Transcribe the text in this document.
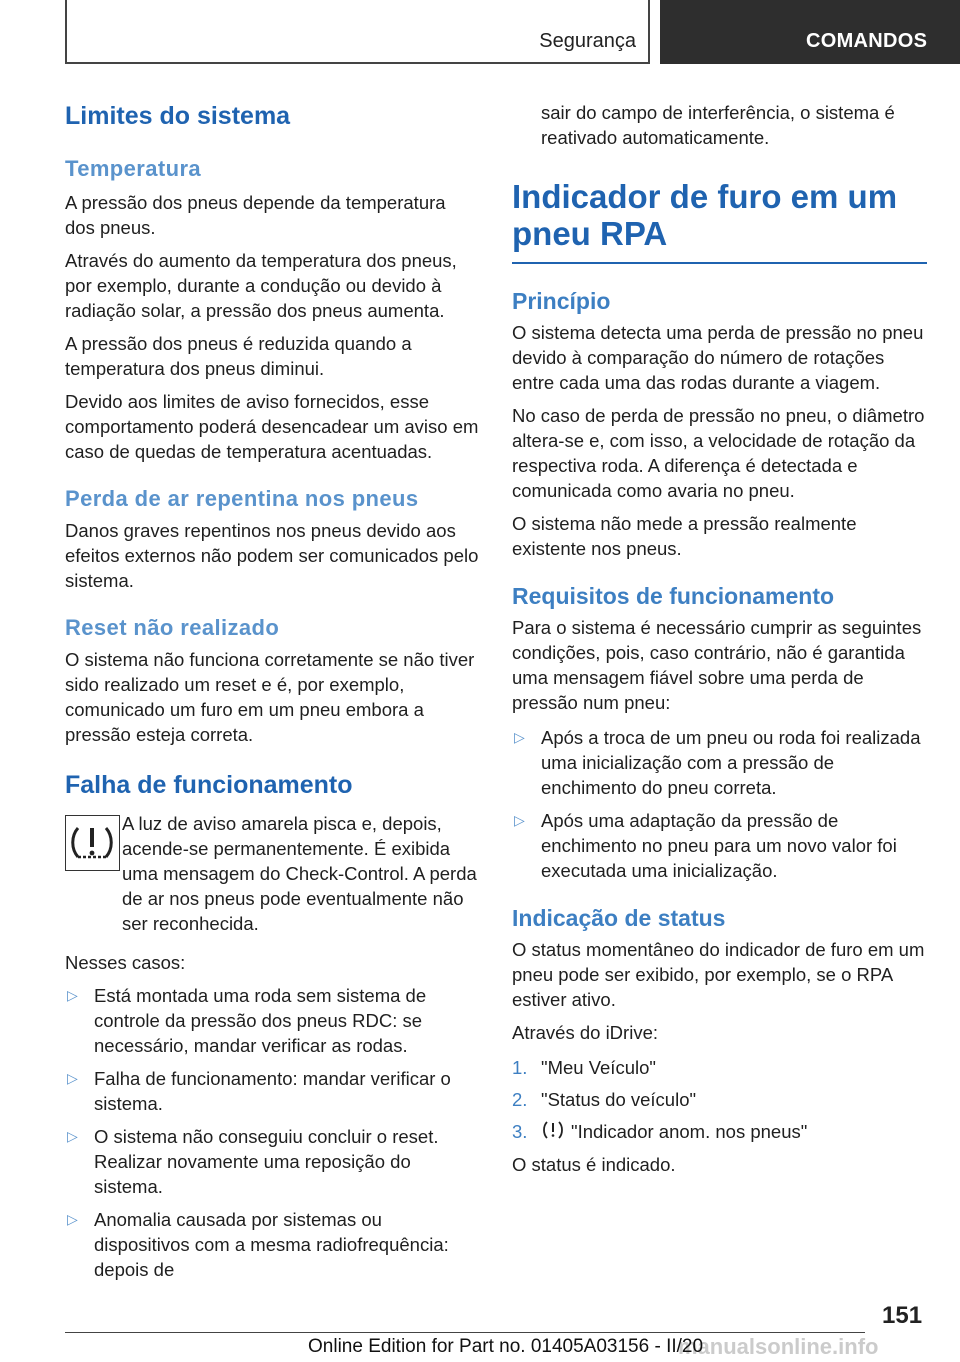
Segurança	COMANDOS
Limites do sistema
Temperatura

A pressão dos pneus depende da temperatura dos pneus.

Através do aumento da temperatura dos pneus, por exemplo, durante a condução ou devido à radiação solar, a pressão dos pneus aumenta.

A pressão dos pneus é reduzida quando a temperatura dos pneus diminui.

Devido aos limites de aviso fornecidos, esse comportamento poderá desencadear um aviso em caso de quedas de temperatura acentuadas.

Perda de ar repentina nos pneus

Danos graves repentinos nos pneus devido aos efeitos externos não podem ser comunicados pelo sistema.

Reset não realizado

O sistema não funciona corretamente se não tiver sido realizado um reset e é, por exemplo, comunicado um furo em um pneu embora a pressão esteja correta.

Falha de funcionamento

A luz de aviso amarela pisca e, depois, acende-se permanentemente. É exibida uma mensagem do Check-Control. A perda de ar nos pneus pode eventualmente não ser reconhecida.

Nesses casos:

▷ Está montada uma roda sem sistema de controle da pressão dos pneus RDC: se necessário, mandar verificar as rodas.
▷ Falha de funcionamento: mandar verificar o sistema.
▷ O sistema não conseguiu concluir o reset. Realizar novamente uma reposição do sistema.
▷ Anomalia causada por sistemas ou dispositivos com a mesma radiofrequência: depois de

sair do campo de interferência, o sistema é reativado automaticamente.

Indicador de furo em um pneu RPA
Princípio

O sistema detecta uma perda de pressão no pneu devido à comparação do número de rotações entre cada uma das rodas durante a viagem.

No caso de perda de pressão no pneu, o diâmetro altera-se e, com isso, a velocidade de rotação da respectiva roda. A diferença é detectada e comunicada como avaria no pneu.

O sistema não mede a pressão realmente existente nos pneus.

Requisitos de funcionamento

Para o sistema é necessário cumprir as seguintes condições, pois, caso contrário, não é garantida uma mensagem fiável sobre uma perda de pressão num pneu:

▷ Após a troca de um pneu ou roda foi realizada uma inicialização com a pressão de enchimento do pneu correta.
▷ Após uma adaptação da pressão de enchimento no pneu para um novo valor foi executada uma inicialização.
Indicação de status

O status momentâneo do indicador de furo em um pneu pode ser exibido, por exemplo, se o RPA estiver ativo.

Através do iDrive:

1. "Meu Veículo"
2. "Status do veículo"
3.	"Indicador anom. nos pneus"

O status é indicado.

151
manualsonline.info
Online Edition for Part no. 01405A03156 - II/20
